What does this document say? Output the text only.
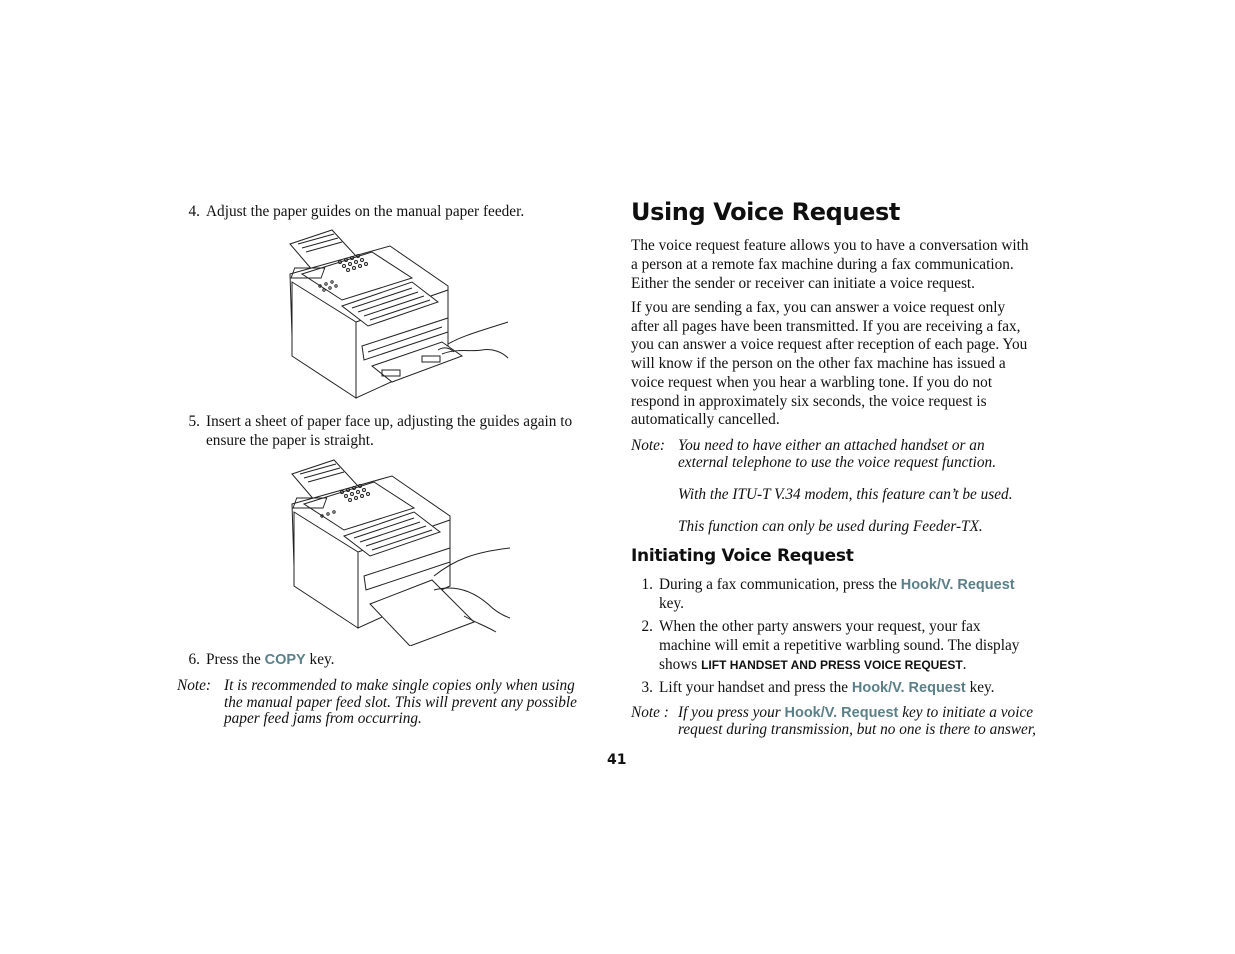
4. Adjust the paper guides on the manual paper feeder.
5. Insert a sheet of paper face up, adjusting the guides again to
ensure the paper is straight.
6. Press the COPY key.
Note: It is recommended to make single copies only when using
the manual paper feed slot. This will prevent any possible
paper feed jams from occurring.
Using Voice Request
The voice request feature allows you to have a conversation with
a person at a remote fax machine during a fax communication.
Either the sender or receiver can initiate a voice request.
If you are sending a fax, you can answer a voice request only
after all pages have been transmitted. If you are receiving a fax,
you can answer a voice request after reception of each page. You
will know if the person on the other fax machine has issued a
voice request when you hear a warbling tone. If you do not
respond in approximately six seconds, the voice request is
automatically cancelled.
Note: You need to have either an attached handset or an
external telephone to use the voice request function.
With the ITU-T V.34 modem, this feature can’t be used.
This function can only be used during Feeder-TX.
Initiating Voice Request
1. During a fax communication, press the Hook/V. Request
key.
2. When the other party answers your request, your fax
machine will emit a repetitive warbling sound. The display
shows LIFT HANDSET AND PRESS VOICE REQUEST.
3. Lift your handset and press the Hook/V. Request key.
Note : If you press your Hook/V. Request key to initiate a voice
request during transmission, but no one is there to answer,
41
